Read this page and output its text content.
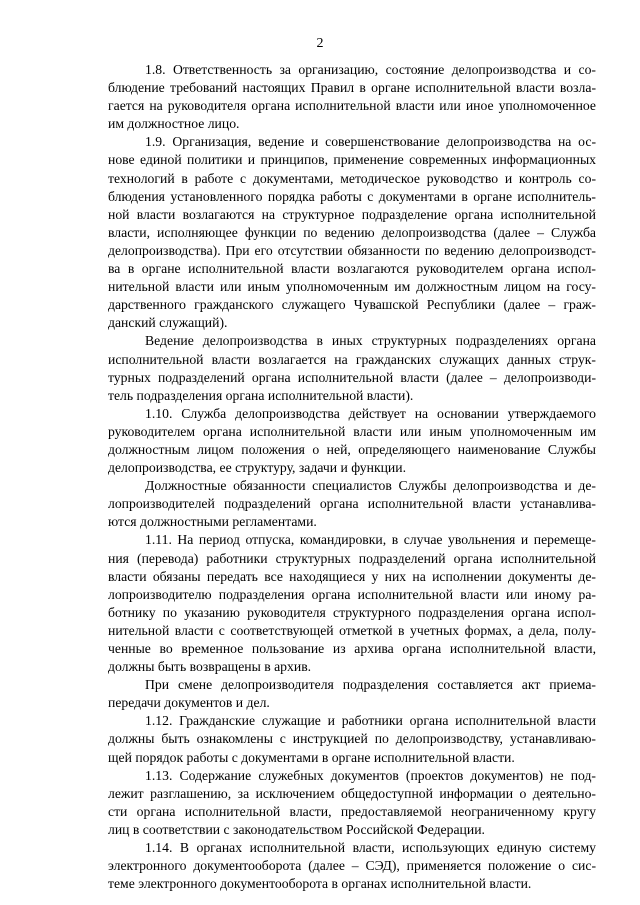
2
1.8. Ответственность за организацию, состояние делопроизводства и со-
блюдение требований настоящих Правил в органе исполнительной власти возла-
гается на руководителя органа исполнительной власти или иное уполномоченное
им должностное лицо.
1.9. Организация, ведение и совершенствование делопроизводства на ос-
нове единой политики и принципов, применение современных информационных
технологий в работе с документами, методическое руководство и контроль со-
блюдения установленного порядка работы с документами в органе исполнитель-
ной власти возлагаются на структурное подразделение органа исполнительной
власти, исполняющее функции по ведению делопроизводства (далее – Служба
делопроизводства). При его отсутствии обязанности по ведению делопроизводст-
ва в органе исполнительной власти возлагаются руководителем органа испол-
нительной власти или иным уполномоченным им должностным лицом на госу-
дарственного гражданского служащего Чувашской Республики (далее – граж-
данский служащий).
Ведение делопроизводства в иных структурных подразделениях органа
исполнительной власти возлагается на гражданских служащих данных струк-
турных подразделений органа исполнительной власти (далее – делопроизводи-
тель подразделения органа исполнительной власти).
1.10. Служба делопроизводства действует на основании утверждаемого
руководителем органа исполнительной власти или иным уполномоченным им
должностным лицом положения о ней, определяющего наименование Службы
делопроизводства, ее структуру, задачи и функции.
Должностные обязанности специалистов Службы делопроизводства и де-
лопроизводителей подразделений органа исполнительной власти устанавлива-
ются должностными регламентами.
1.11. На период отпуска, командировки, в случае увольнения и перемеще-
ния (перевода) работники структурных подразделений органа исполнительной
власти обязаны передать все находящиеся у них на исполнении документы де-
лопроизводителю подразделения органа исполнительной власти или иному ра-
ботнику по указанию руководителя структурного подразделения органа испол-
нительной власти с соответствующей отметкой в учетных формах, а дела, полу-
ченные во временное пользование из архива органа исполнительной власти,
должны быть возвращены в архив.
При смене делопроизводителя подразделения составляется акт приема-
передачи документов и дел.
1.12. Гражданские служащие и работники органа исполнительной власти
должны быть ознакомлены с инструкцией по делопроизводству, устанавливаю-
щей порядок работы с документами в органе исполнительной власти.
1.13. Содержание служебных документов (проектов документов) не под-
лежит разглашению, за исключением общедоступной информации о деятельно-
сти органа исполнительной власти, предоставляемой неограниченному кругу
лиц в соответствии с законодательством Российской Федерации.
1.14. В органах исполнительной власти, использующих единую систему
электронного документооборота (далее – СЭД), применяется положение о сис-
теме электронного документооборота в органах исполнительной власти.
